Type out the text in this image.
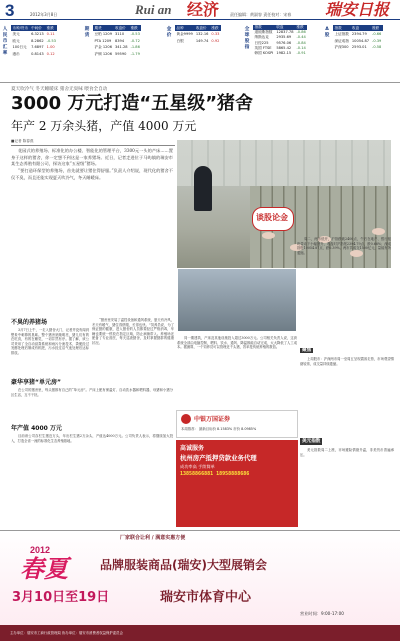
3	2012年3月8日	Rui an 经济	责任编辑：黄淑容 责任校对：宋春 瑞安日报
人民币汇率
币种/货币	中间价	涨跌
美元	6.3213	0.11
欧元	8.2862	-0.53
100日元	7.6897	1.00
港币	0.8143	0.12
期货
期货	收盘价	涨跌
豆粕 1209	3110	-0.53
PTA 1209	8394	-0.72
沪金 1206	341.28	-1.86
沪铜 1206	59590	-1.79
金价
品种	收盘价	涨跌
黄金9999	132.16	0.33
白银	149.74	0.92
全球股指
指数	收盘	涨跌
道琼斯指数	12837.78	-0.86
纳斯达克	2935.69	-0.44
日经225	9576.06	-0.84
英国 FTSE	5865.42	-0.14
韩国 KOSPI	1982.15	-0.91
A股
指数	收盘	涨跌
上证指数	2394.79	-0.66
深证成指	10054.87	-0.39
沪深300	2593.01	-0.58
夏天吹冷气 冬天睡暖床 猪舍无臭味 喂食全自动
3000 万元打造“五星级”猪舍
年产 2 万余头猪，产值 4000 万元
■记者 陈春燕

花园式的养殖场、标准化的办公楼、智能化的管理平台，3300元一头的产床……置身于这样的猪舍，你一定想不到这是一家养猪场。近日，记者走进位于马屿镇的瑞安市某生态养殖有限公司，探访这家“五星级”猪场。

“要打造环保型的养殖场，首先就要让猪住得舒服。”负责人介绍说，现代化的猪舍不仅不臭，而且还能实现夏天吹冷气，冬天睡暖床。

谈股论金

周二，两市低开，沪指跌破2400点，午后在地产、银行板块带动下小幅回升，收盘时沪指报2394.79点，跌0.66%；深成指报10054.87点，跌0.39%。两市共成交1500亿元，量能有所萎缩。

不臭的养猪场

3月7日上午，一走入猪舍大门，记者并没有闻到想象中刺鼻的臭味。整个猪舍宽敞明亮，猪儿们有的在吃食，有的在睡觉，一切井然有序。据了解，该公司采用了全自动刮粪系统和雨污分流技术，粪便经过发酵处理后制成有机肥，污水经过沼气池处理后达标排放。

“猪舍里安装了温控设备和通风系统，夏天有冷风，冬天有暖气，猪住得舒服，长得也快。”饲养员说，为了保证猪的健康，进入猪舍的人员都要经过严格消毒，车辆也要统一停放在指定区域，防止病菌带入。养殖场还配备了专业兽医，每天巡查猪舍，及时掌握猪群的健康状况。

同一期建筑，产床及其他设施投入超过3000万元。公司相关负责人说，这套系统全部由电脑控制，喂料、饮水、通风、降温都能自动完成，大大降低了人工成本。据测算，一个饲养员可以管理近千头猪，效率是传统养殖的数倍。

豪华享猪“单元房”

在公司的猪舍里，每头猪都有自己的“单元房”。产床上配有保温灯、自动饮水器和喂料器，母猪和小猪分区生活，互不干扰。

年产值 4000 万元

目前该公司存栏生猪近万头，年出栏生猪2万余头，产值达4000万元。公司负责人表示，将继续加大投入，打造全省一流的标准化生态养殖基地。

聚焦

上周股市：沪深两市周一至周五呈现震荡走势，市场观望情绪较浓，成交量持续萎缩。

美元指数

美元指数周二上涨，市场避险情绪升温，非美货币普遍承压。

中银万国证券
本周推荐： 最新目标价 8.1583% 市价 8.0985%
高诚服务
杭州房产抵押贷款业务代理
成功率高 手续简单
13858866881 18958888686
厂家联合让利 / 满意实惠方便
2012
春夏	品牌服装商品(瑞安)大型展销会
3月10日至19日	瑞安市体育中心
营业时间：9:00-17:00
主办单位：瑞安市工商行政管理局 协办单位：瑞安市消费者权益保护委员会
